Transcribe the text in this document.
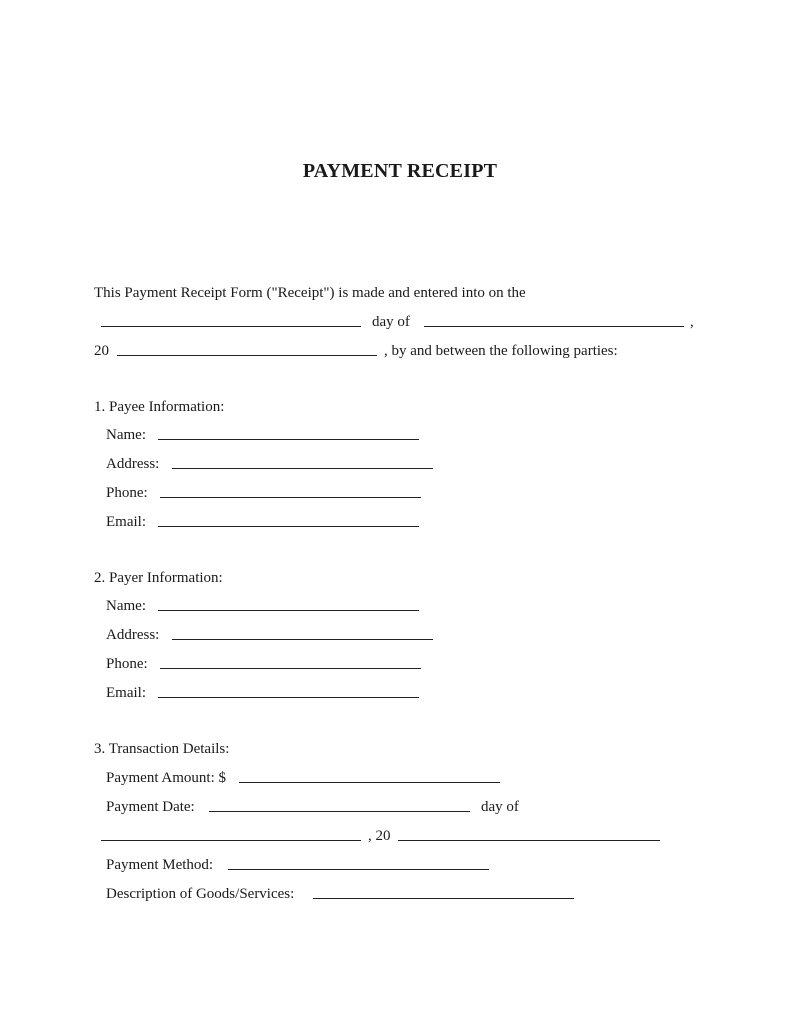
PAYMENT RECEIPT
This Payment Receipt Form ("Receipt") is made and entered into on the
day of	,
20	, by and between the following parties:
1. Payee Information:
Name:
Address:
Phone:
Email:
2. Payer Information:
Name:
Address:
Phone:
Email:
3. Transaction Details:
Payment Amount: $
Payment Date:	day of
, 20
Payment Method:
Description of Goods/Services:
